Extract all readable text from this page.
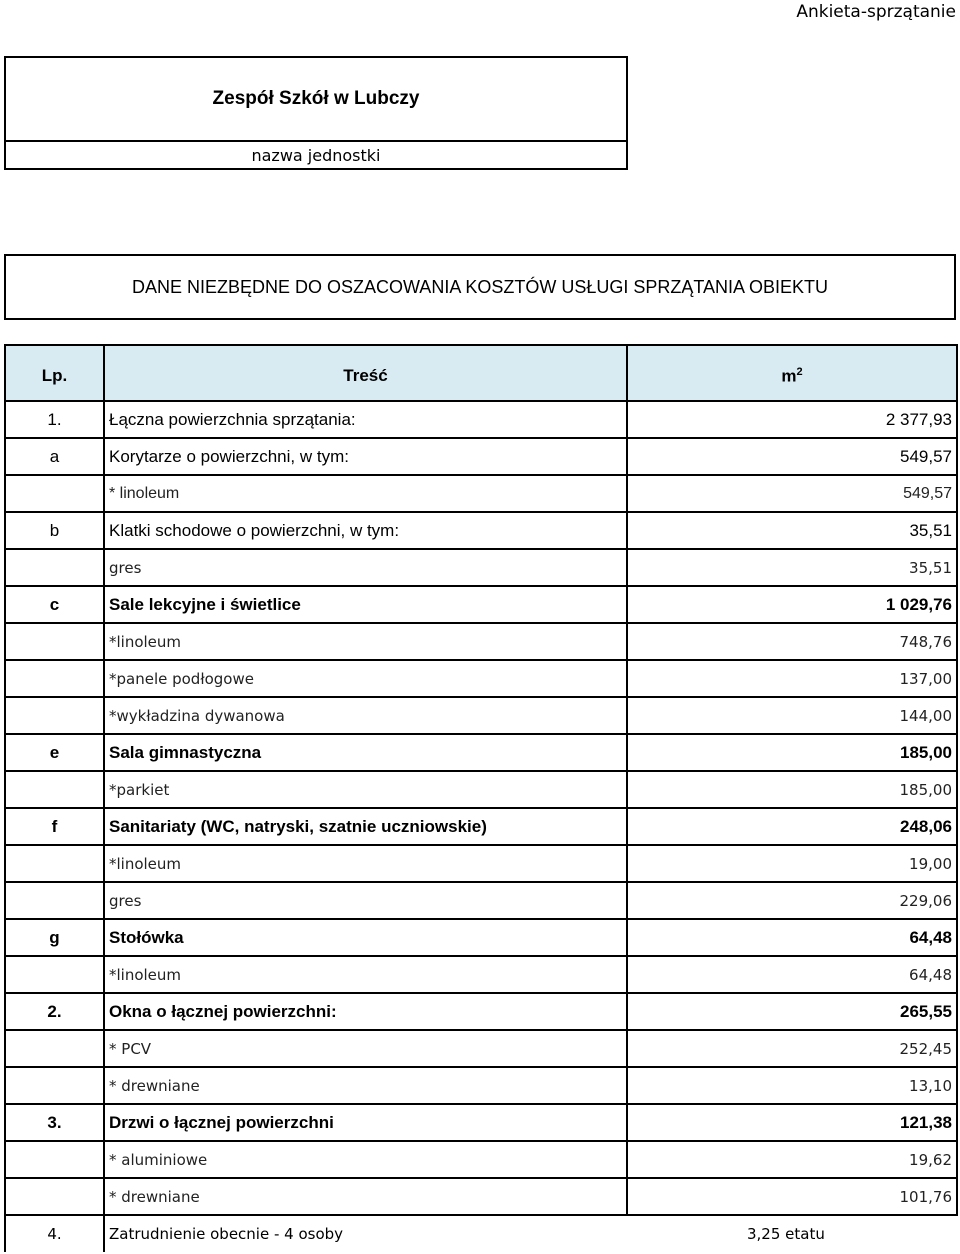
Ankieta-sprzątanie
Zespół Szkół w Lubczy
nazwa jednostki
DANE NIEZBĘDNE DO OSZACOWANIA KOSZTÓW USŁUGI SPRZĄTANIA OBIEKTU
Lp.	Treść	$m^2$
1.	Łączna powierzchnia sprzątania:	2 377,93
a	Korytarze o powierzchni, w tym:	549,57
	* linoleum	549,57
b	Klatki schodowe o powierzchni, w tym:	35,51
	gres	35,51
c	Sale lekcyjne i świetlice	1 029,76
	*linoleum	748,76
	*panele podłogowe	137,00
	*wykładzina dywanowa	144,00
e	Sala gimnastyczna	185,00
	*parkiet	185,00
f	Sanitariaty (WC, natryski, szatnie uczniowskie)	248,06
	*linoleum	19,00
	gres	229,06
g	Stołówka	64,48
	*linoleum	64,48
2.	Okna o łącznej powierzchni:	265,55
	* PCV	252,45
	* drewniane	13,10
3.	Drzwi o łącznej powierzchni	121,38
	* aluminiowe	19,62
	* drewniane	101,76
4.	Zatrudnienie obecnie - 4 osoby	3,25 etatu
